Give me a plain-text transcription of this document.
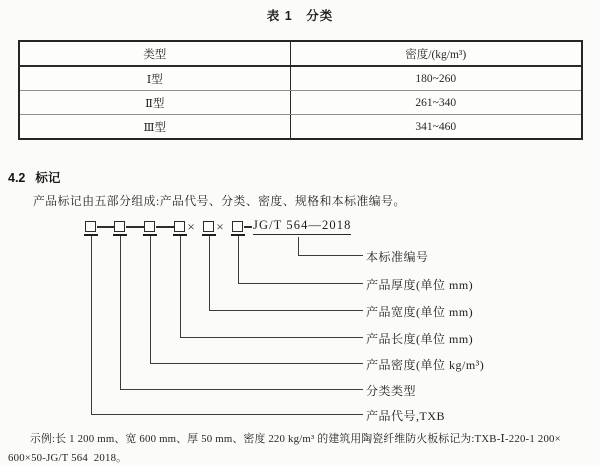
表 1　分类
类型	密度/(kg/m³)
Ⅰ型	180~260
Ⅱ型	261~340
Ⅲ型	341~460
4.2 标记

产品标记由五部分组成:产品代号、分类、密度、规格和本标准编号。

× × JG/T 564—2018
本标准编号
产品厚度(单位 mm)
产品宽度(单位 mm)
产品长度(单位 mm)
产品密度(单位 kg/m³)
分类类型
产品代号,TXB

示例:长 1 200 mm、宽 600 mm、厚 50 mm、密度 220 kg/m³ 的建筑用陶瓷纤维防火板标记为:TXB-Ⅰ-220-1 200×

600×50-JG/T 564  2018。
